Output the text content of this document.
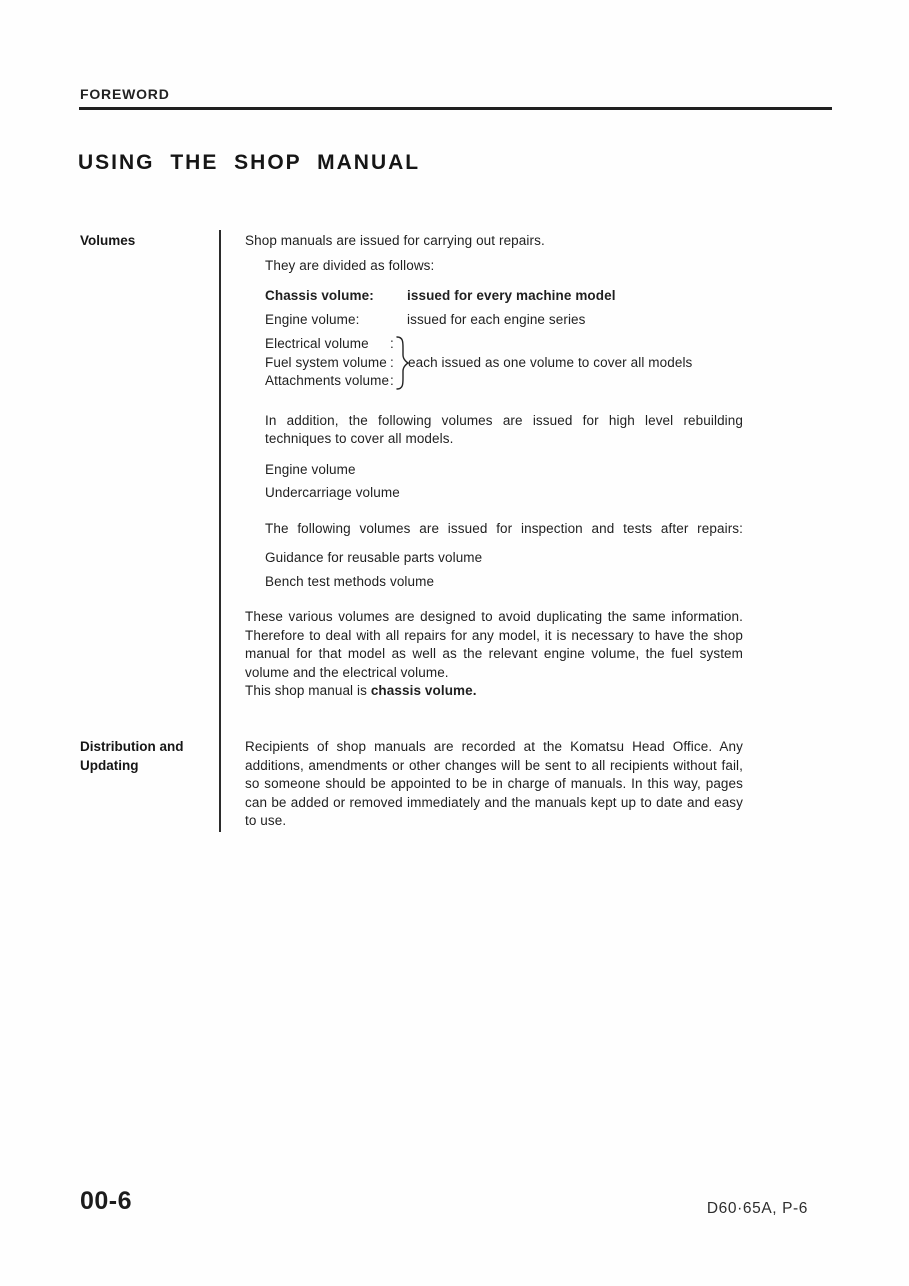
FOREWORD
USING THE SHOP MANUAL
Volumes	Shop manuals are issued for carrying out repairs.

They are divided as follows:

Chassis volume:	issued for every machine model
Engine volume:	issued for each engine series
Electrical volume	:
Fuel system volume :
Attachments volume :
each issued as one volume to cover all models

In addition, the following volumes are issued for high level rebuilding techniques to cover all models.

Engine volume

Undercarriage volume

The following volumes are issued for inspection and tests after repairs:

Guidance for reusable parts volume

Bench test methods volume

These various volumes are designed to avoid duplicating the same information. Therefore to deal with all repairs for any model, it is necessary to have the shop manual for that model as well as the relevant engine volume, the fuel system volume and the electrical volume.

This shop manual is chassis volume.

Distribution and
Updating
Recipients of shop manuals are recorded at the Komatsu Head Office. Any additions, amendments or other changes will be sent to all recipients without fail, so someone should be appointed to be in charge of manuals. In this way, pages can be added or removed immediately and the manuals kept up to date and easy to use.
00-6	D60·65A, P-6
